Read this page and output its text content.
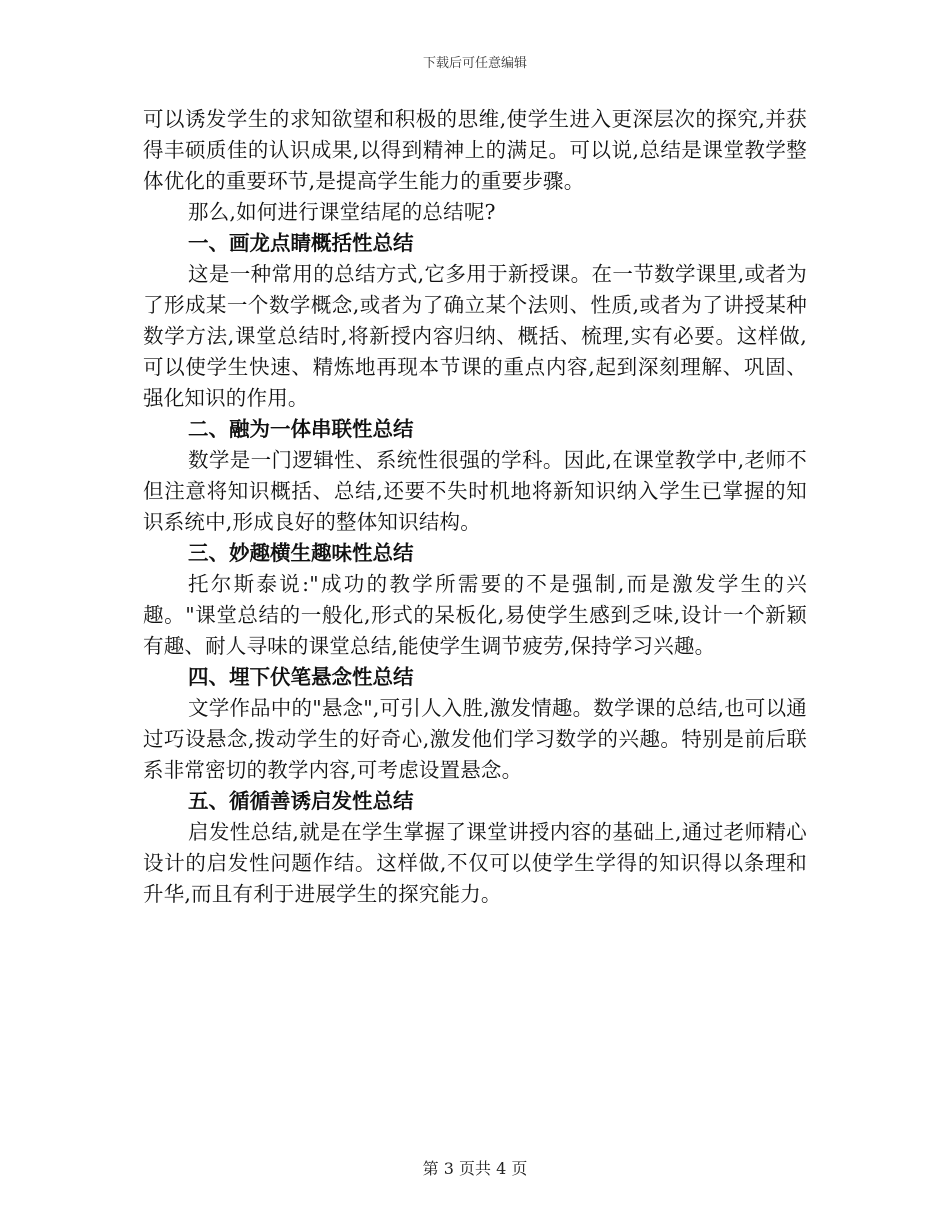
下载后可任意编辑

可以诱发学生的求知欲望和积极的思维,使学生进入更深层次的探究,并获得丰硕质佳的认识成果,以得到精神上的满足。可以说,总结是课堂教学整体优化的重要环节,是提高学生能力的重要步骤。

那么,如何进行课堂结尾的总结呢?

一、画龙点睛概括性总结

这是一种常用的总结方式,它多用于新授课。在一节数学课里,或者为了形成某一个数学概念,或者为了确立某个法则、性质,或者为了讲授某种数学方法,课堂总结时,将新授内容归纳、概括、梳理,实有必要。这样做,可以使学生快速、精炼地再现本节课的重点内容,起到深刻理解、巩固、强化知识的作用。

二、融为一体串联性总结

数学是一门逻辑性、系统性很强的学科。因此,在课堂教学中,老师不但注意将知识概括、总结,还要不失时机地将新知识纳入学生已掌握的知识系统中,形成良好的整体知识结构。

三、妙趣横生趣味性总结

托尔斯泰说:"成功的教学所需要的不是强制,而是激发学生的兴趣。"课堂总结的一般化,形式的呆板化,易使学生感到乏味,设计一个新颖有趣、耐人寻味的课堂总结,能使学生调节疲劳,保持学习兴趣。

四、埋下伏笔悬念性总结

文学作品中的"悬念",可引人入胜,激发情趣。数学课的总结,也可以通过巧设悬念,拨动学生的好奇心,激发他们学习数学的兴趣。特别是前后联系非常密切的教学内容,可考虑设置悬念。

五、循循善诱启发性总结

启发性总结,就是在学生掌握了课堂讲授内容的基础上,通过老师精心设计的启发性问题作结。这样做,不仅可以使学生学得的知识得以条理和升华,而且有利于进展学生的探究能力。

第 3 页共 4 页
